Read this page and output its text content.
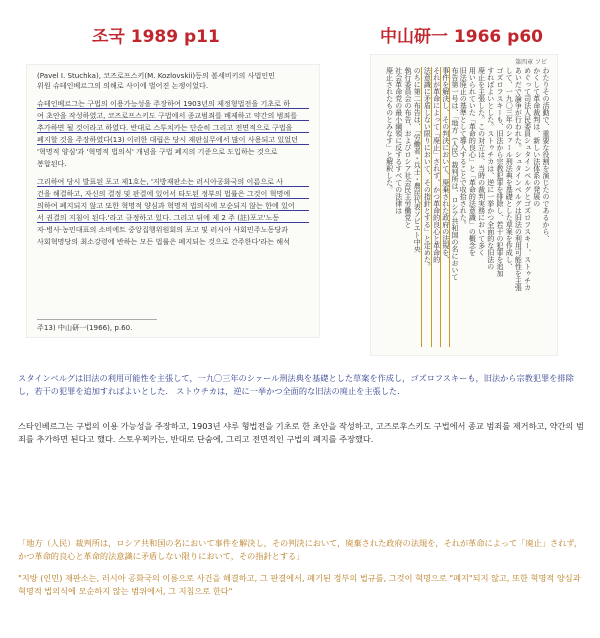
조국 1989 p11	中山研一 1966 p60
(Pavel I. Stuchka), 코즈로프스키(M. Kozlovskii)등의 볼세비키의 사법인민
위원 슈테인베르그의 의해로 사이에 벌어진 논쟁이었다.
슈테인베르그는 구법의 이용가능성을 주장하여 1903년의 제정형법전을 기초로 하
여 초안을 작성하였고, 코즈로프스키도 구법에서 종교범죄를 배제하고 약간의 범죄를
추가하면 될 것이라고 하였다. 반대로 스투치카는 단순히 그리고 전면적으로 구법을
폐지할 것을 주장하였다(13) 이러한 대립은 당시 재판실무에서 많이 사용되고 있었던
'혁명적 양심'과 '혁명적 법의식' 개념을 구법 폐지의 기준으로 도입하는 것으로
봉합된다.
그리하여 당시 발표된 포고 제1호는, '지방재판소는 러시아공화국의 이름으로 사
건을 해결하고, 자신의 결정 및 판결에 있어서 타도된 정부의 법률은 그것이 혁명에
의하여 폐지되지 않고 또한 혁명적 양심과 혁명적 법의식에 모순되지 않는 한에 있어
서 권결의 지침이 된다.'라고 규정하고 있다. 그리고 뒤에 제 2 주 (註)포고'노동
자·병사·농민대표의 소비에트 중앙집행위원회의 포고 및 러시아 사회민주노동당과
사회혁명당의 최소강령에 반하는 모든 법률은 폐지되는 것으로 간주한다'라는 해석
주13) 中山研一(1966), p.60.
第四章 ソビ
わたりその活動で、重要な役割を演じたのであるから、
かくして革命裁判は、新しい法体系の発展の
めぐって司法人民委員シュタインベルグとゴズロフスキー、ストゥチカ
あいだで論争が行われた。シュタインベルグは旧法の利用可能性を主張
して、一九〇三年のシァール刑法典を基礎とした草案を作成し、
ゴズロフスキーも、旧法から宗教犯罪を排除し、若干の犯罪を追加
すればよいとした。ストゥチカは、逆に一挙かつ全面的な旧法の
廃止を主張した。この対立は、当時の裁判実務において多く
用いられていた「革命的良心」と「革命的法意識」の概念を
旧法廃止の基準として導入することで収拾された。
布告第一号は、「地方（人民）裁判所は、ロシア共和国の名において
事件を解決し、その判決において、廃棄された政府の法規を、
それが革命によって「廃止」されず、かつ革命的良心と革命的
法意識に矛盾しない限りにおいて、その指針とする」と定めた。
のちに第二布告は、「労働者・兵士・農民代表ソビエト中央
執行委員会の布告、およびロシア社会民主労働党と
社会革命党の最小綱領に反するすべての法律は
廃止されたものとみなす」と解釈した。
スタインベルグは旧法の利用可能性を主張して，一九〇三年のシァール刑法典を基礎とした草案を作成し，ゴズロフスキーも，旧法から宗教犯罪を排除し，若干の犯罪を追加すればよいとした． ストウチカは，逆に一挙かつ全面的な旧法の廃止を主張した．
스타인베르그는 구법의 이용 가능성을 주장하고, 1903년 샤루 형법전을 기초로 한 초안을 작성하고, 고즈로후스키도 구법에서 종교 범죄를 제거하고, 약간의 범죄를 추가하면 된다고 했다. 스토우찌카는, 반대로 단숨에, 그리고 전면적인 구법의 폐지를 주장했다.
「地方（人民）裁判所は，ロシア共和国の名において事件を解決し，その判決において，廃棄された政府の法規を，それが革命によって「廃止」されず，かつ革命的良心と革命的法意識に矛盾しない限りにおいて，その指針とする」
"지방 (인민) 재판소는, 러시아 공화국의 이름으로 사건을 해결하고, 그 판결에서, 폐기된 정부의 법규를, 그것이 혁명으로 "폐지"되지 않고, 또한 혁명적 양심과 혁명적 법의식에 모순하지 않는 범위에서, 그 지침으로 한다"
